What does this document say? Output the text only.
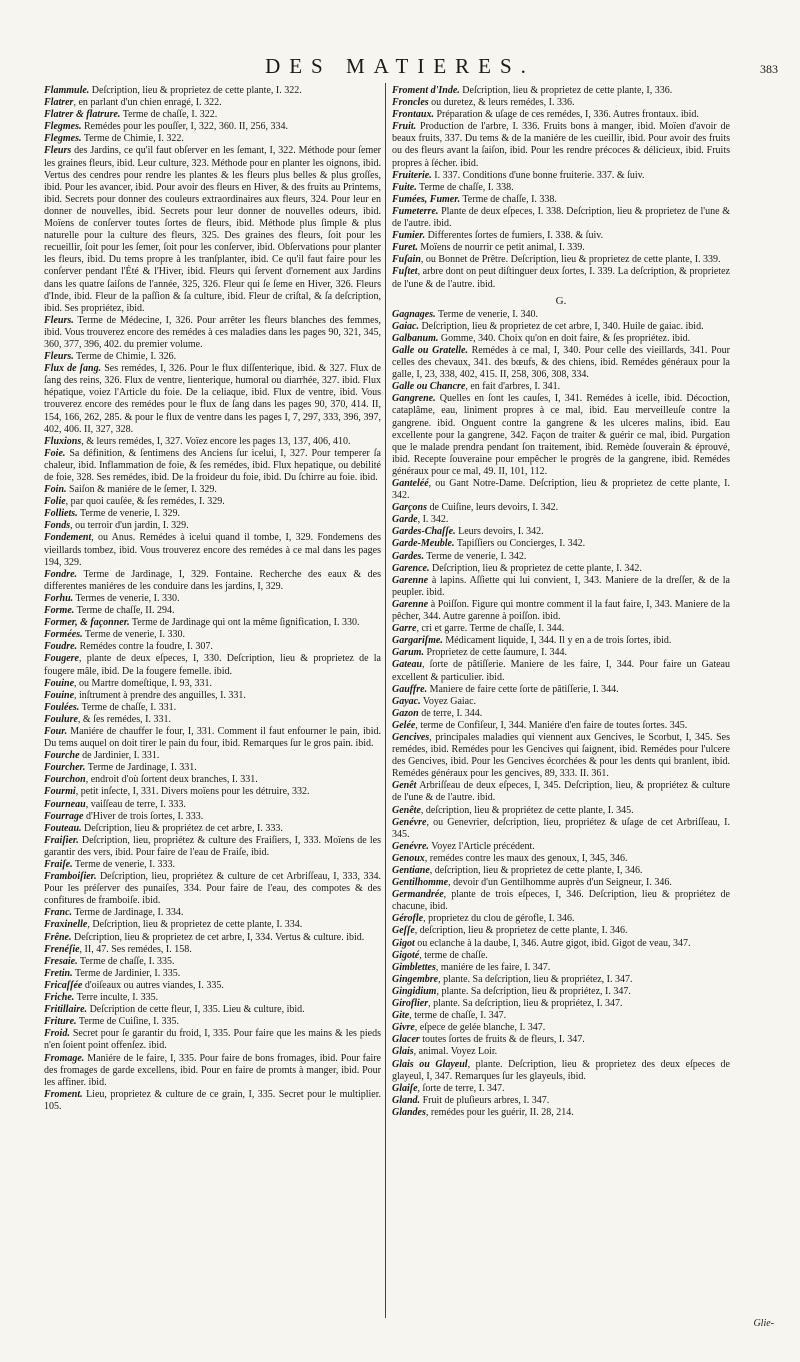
DES MATIERES.	383

Flammule. Deſcription, lieu & proprietez de cette plante, I. 322.

Flatrer, en parlant d'un chien enragé, I. 322.

Flatrer & flatrure. Terme de chaſſe, I. 322.

Flegmes. Remédes pour les pouſſer, I, 322, 360. II, 256, 334.

Flegmes. Terme de Chimie, I. 322.

Fleurs des Jardins, ce qu'il faut obſerver en les ſemant, I, 322. Méthode pour ſemer les graines fleurs, ibid. Leur culture, 323. Méthode pour en planter les oignons, ibid. Vertus des cendres pour rendre les plantes & les fleurs plus belles & plus groſſes, ibid. Pour les avancer, ibid. Pour avoir des fleurs en Hiver, & des fruits au Printems, ibid. Secrets pour donner des couleurs extraordinaires aux fleurs, 324. Pour leur en donner de nouvelles, ibid. Secrets pour leur donner de nouvelles odeurs, ibid. Moïens de conſerver toutes ſortes de fleurs, ibid. Méthode plus ſimple & plus naturelle pour la culture des fleurs, 325. Des graines des fleurs, ſoit pour les recueillir, ſoit pour les ſemer, ſoit pour les conſerver, ibid. Obſervations pour planter les fleurs, ibid. Du tems propre à les tranſplanter, ibid. Ce qu'il faut faire pour les conſerver pendant l'Été & l'Hiver, ibid. Fleurs qui ſervent d'ornement aux Jardins dans les quatre ſaiſons de l'année, 325, 326. Fleur qui ſe ſeme en Hiver, 326. Fleurs d'Inde, ibid. Fleur de la paſſion & ſa culture, ibid. Fleur de criſtal, & ſa deſcription, ibid. Ses propriétez, ibid.

Fleurs. Terme de Médecine, I, 326. Pour arrêter les fleurs blanches des femmes, ibid. Vous trouverez encore des remédes à ces maladies dans les pages 90, 321, 345, 360, 377, 396, 402. du premier volume.

Fleurs. Terme de Chimie, I. 326.

Flux de ſang. Ses remédes, I, 326. Pour le flux diſſenterique, ibid. & 327. Flux de ſang des reins, 326. Flux de ventre, lienterique, humoral ou diarrhée, 327. ibid. Flux hépatique, voiez l'Article du foie. De la celiaque, ibid. Flux de ventre, ibid. Vous trouverez encore des remédes pour le flux de ſang dans les pages 90, 370, 414. II, 154, 166, 262, 285. & pour le flux de ventre dans les pages I, 7, 297, 333, 396, 397, 402, 406. II, 327, 328.

Fluxions, & leurs remédes, I, 327. Voïez encore les pages 13, 137, 406, 410.

Foie. Sa définition, & ſentimens des Anciens ſur icelui, I, 327. Pour temperer ſa chaleur, ibid. Inflammation de foie, & ſes remédes, ibid. Flux hepatique, ou debilité de foie, 328. Ses remédes, ibid. De la froideur du foie, ibid. Du ſchirre au foie. ibid.

Foin. Saiſon & maniére de le ſemer, I. 329.

Folie, par quoi cauſée, & ſes remédes, I. 329.

Folliets. Terme de venerie, I. 329.

Fonds, ou terroir d'un jardin, I. 329.

Fondement, ou Anus. Remédes à icelui quand il tombe, I, 329. Fondemens des vieillards tombez, ibid. Vous trouverez encore des remédes à ce mal dans les pages 194, 329.

Fondre. Terme de Jardinage, I, 329. Fontaine. Recherche des eaux & des differentes maniéres de les conduire dans les jardins, I, 329.

Forhu. Termes de venerie, I. 330.

Forme. Terme de chaſſe, II. 294.

Former, & façonner. Terme de Jardinage qui ont la même ſignification, I. 330.

Formées. Terme de venerie, I. 330.

Foudre. Remédes contre la foudre, I. 307.

Fougere, plante de deux eſpeces, I, 330. Deſcription, lieu & proprietez de la fougere mâle, ibid. De la fougere femelle. ibid.

Fouine, ou Martre domeſtique, I. 93, 331.

Fouine, inſtrument à prendre des anguilles, I. 331.

Foulées. Terme de chaſſe, I. 331.

Foulure, & ſes remédes, I. 331.

Four. Maniére de chauffer le four, I, 331. Comment il faut enfourner le pain, ibid. Du tems auquel on doit tirer le pain du four, ibid. Remarques ſur le gros pain. ibid.

Fourche de Jardinier, I. 331.

Fourcher. Terme de Jardinage, I. 331.

Fourchon, endroit d'où ſortent deux branches, I. 331.

Fourmi, petit inſecte, I, 331. Divers moïens pour les détruire, 332.

Fourneau, vaiſſeau de terre, I. 333.

Fourrage d'Hiver de trois ſortes, I. 333.

Fouteau. Deſcription, lieu & propriétez de cet arbre, I. 333.

Fraiſier. Deſcription, lieu, propriétez & culture des Fraiſiers, I, 333. Moïens de les garantir des vers, ibid. Pour faire de l'eau de Fraiſe, ibid.

Fraiſe. Terme de venerie, I. 333.

Framboiſier. Deſcription, lieu, propriétez & culture de cet Arbriſſeau, I, 333, 334. Pour les préſerver des punaiſes, 334. Pour faire de l'eau, des compotes & des confitures de framboiſe. ibid.

Franc. Terme de Jardinage, I. 334.

Fraxinelle, Deſcription, lieu & proprietez de cette plante, I. 334.

Frêne. Deſcription, lieu & proprietez de cet arbre, I, 334. Vertus & culture. ibid.

Frenéſie, II, 47. Ses remédes, I. 158.

Fresaie. Terme de chaſſe, I. 335.

Fretin. Terme de Jardinier, I. 335.

Fricaſſée d'oiſeaux ou autres viandes, I. 335.

Friche. Terre inculte, I. 335.

Fritillaire. Deſcription de cette fleur, I, 335. Lieu & culture, ibid.

Friture. Terme de Cuiſine, I. 335.

Froid. Secret pour ſe garantir du froid, I, 335. Pour faire que les mains & les pieds n'en ſoient point offenſez. ibid.

Fromage. Maniére de le faire, I, 335. Pour faire de bons fromages, ibid. Pour faire des fromages de garde excellens, ibid. Pour en faire de promts à manger, ibid. Pour les affiner. ibid.

Froment. Lieu, proprietez & culture de ce grain, I, 335. Secret pour le multiplier. 105.

Froment d'Inde. Deſcription, lieu & proprietez de cette plante, I, 336.

Froncles ou duretez, & leurs remédes, I. 336.

Frontaux. Préparation & uſage de ces remédes, I, 336. Autres frontaux. ibid.

Fruit. Production de l'arbre, I. 336. Fruits bons à manger, ibid. Moïen d'avoir de beaux fruits, 337. Du tems & de la maniére de les cueillir, ibid. Pour avoir des fruits ou des fleurs avant la ſaiſon, ibid. Pour les rendre précoces & délicieux, ibid. Fruits propres à ſécher. ibid.

Fruiterie. I. 337. Conditions d'une bonne fruiterie. 337. & ſuiv.

Fuite. Terme de chaſſe, I. 338.

Fumées, Fumer. Terme de chaſſe, I. 338.

Fumeterre. Plante de deux eſpeces, I. 338. Deſcription, lieu & proprietez de l'une & de l'autre. ibid.

Fumier. Differentes ſortes de fumiers, I. 338. & ſuiv.

Furet. Moïens de nourrir ce petit animal, I. 339.

Fuſain, ou Bonnet de Prêtre. Deſcription, lieu & proprietez de cette plante, I. 339.

Fuſtet, arbre dont on peut diſtinguer deux ſortes, I. 339. La deſcription, & proprietez de l'une & de l'autre. ibid.

G.

Gagnages. Terme de venerie, I. 340.

Gaiac. Deſcription, lieu & proprietez de cet arbre, I, 340. Huile de gaiac. ibid.

Galbanum. Gomme, 340. Choix qu'on en doit faire, & ſes propriétez. ibid.

Galle ou Gratelle. Remédes à ce mal, I, 340. Pour celle des vieillards, 341. Pour celles des chevaux, 341. des bœufs, & des chiens, ibid. Remédes généraux pour la galle, I, 23, 338, 402, 415. II, 258, 306, 308, 334.

Galle ou Chancre, en fait d'arbres, I. 341.

Gangrene. Quelles en ſont les cauſes, I, 341. Remédes à icelle, ibid. Décoction, cataplâme, eau, liniment propres à ce mal, ibid. Eau merveilleuſe contre la gangrene. ibid. Onguent contre la gangrene & les ulceres malins, ibid. Eau excellente pour la gangrene, 342. Façon de traiter & guérir ce mal, ibid. Purgation que le malade prendra pendant ſon traitement, ibid. Remède ſouverain & éprouvé, ibid. Recepte ſouveraine pour empêcher le progrès de la gangrene, ibid. Remédes généraux pour ce mal, 49. II, 101, 112.

Ganteléé, ou Gant Notre-Dame. Deſcription, lieu & proprietez de cette plante, I. 342.

Garçons de Cuiſine, leurs devoirs, I. 342.

Garde, I. 342.

Gardes-Chaſſe. Leurs devoirs, I. 342.

Garde-Meuble. Tapiſſiers ou Concierges, I. 342.

Gardes. Terme de venerie, I. 342.

Garence. Deſcription, lieu & proprietez de cette plante, I. 342.

Garenne à lapins. Aſſiette qui lui convient, I, 343. Maniere de la dreſſer, & de la peupler. ibid.

Garenne à Poiſſon. Figure qui montre comment il la faut faire, I, 343. Maniere de la pêcher, 344. Autre garenne à poiſſon. ibid.

Garre, cri et garre. Terme de chaſſe, I. 344.

Gargariſme. Médicament liquide, I, 344. Il y en a de trois ſortes, ibid.

Garum. Proprietez de cette ſaumure, I. 344.

Gateau, ſorte de pâtiſſerie. Maniere de les faire, I, 344. Pour faire un Gateau excellent & particulier. ibid.

Gauffre. Maniere de faire cette ſorte de pâtiſſerie, I. 344.

Gayac. Voyez Gaiac.

Gazon de terre, I. 344.

Gelée, terme de Confiſeur, I, 344. Maniére d'en faire de toutes ſortes. 345.

Gencives, principales maladies qui viennent aux Gencives, le Scorbut, I, 345. Ses remédes, ibid. Remédes pour les Gencives qui ſaignent, ibid. Remédes pour l'ulcere des Gencives, ibid. Pour les Gencives écorchées & pour les dents qui branlent, ibid. Remédes généraux pour les gencives, 89, 333. II. 361.

Genêt Arbriſſeau de deux eſpeces, I, 345. Deſcription, lieu, & propriétez & culture de l'une & de l'autre. ibid.

Genête, deſcription, lieu & propriétez de cette plante, I. 345.

Genévre, ou Genevrier, deſcription, lieu, propriétez & uſage de cet Arbriſſeau, I. 345.

Genévre. Voyez l'Article précédent.

Genoux, remédes contre les maux des genoux, I, 345, 346.

Gentiane, deſcription, lieu & proprietez de cette plante, I, 346.

Gentilhomme, devoir d'un Gentilhomme auprès d'un Seigneur, I. 346.

Germandrée, plante de trois eſpeces, I, 346. Deſcription, lieu & propriétez de chacune, ibid.

Gérofle, proprietez du clou de gérofle, I. 346.

Geſſe, deſcription, lieu & proprietez de cette plante, I. 346.

Gigot ou eclanche à la daube, I, 346. Autre gigot, ibid. Gigot de veau, 347.

Gigoté, terme de chaſſe.

Gimblettes, maniére de les faire, I. 347.

Gingembre, plante. Sa deſcription, lieu & propriétez, I. 347.

Gingidium, plante. Sa deſcription, lieu & propriétez, I. 347.

Giroflier, plante. Sa deſcription, lieu & propriétez, I. 347.

Gite, terme de chaſſe, I. 347.

Givre, eſpece de gelée blanche, I. 347.

Glacer toutes ſortes de fruits & de fleurs, I. 347.

Glais, animal. Voyez Loir.

Glais ou Glayeul, plante. Deſcription, lieu & proprietez des deux eſpeces de glayeul, I, 347. Remarques ſur les glayeuls, ibid.

Glaiſe, ſorte de terre, I. 347.

Gland. Fruit de pluſieurs arbres, I. 347.

Glandes, remédes pour les guérir, II. 28, 214.

Glie-
